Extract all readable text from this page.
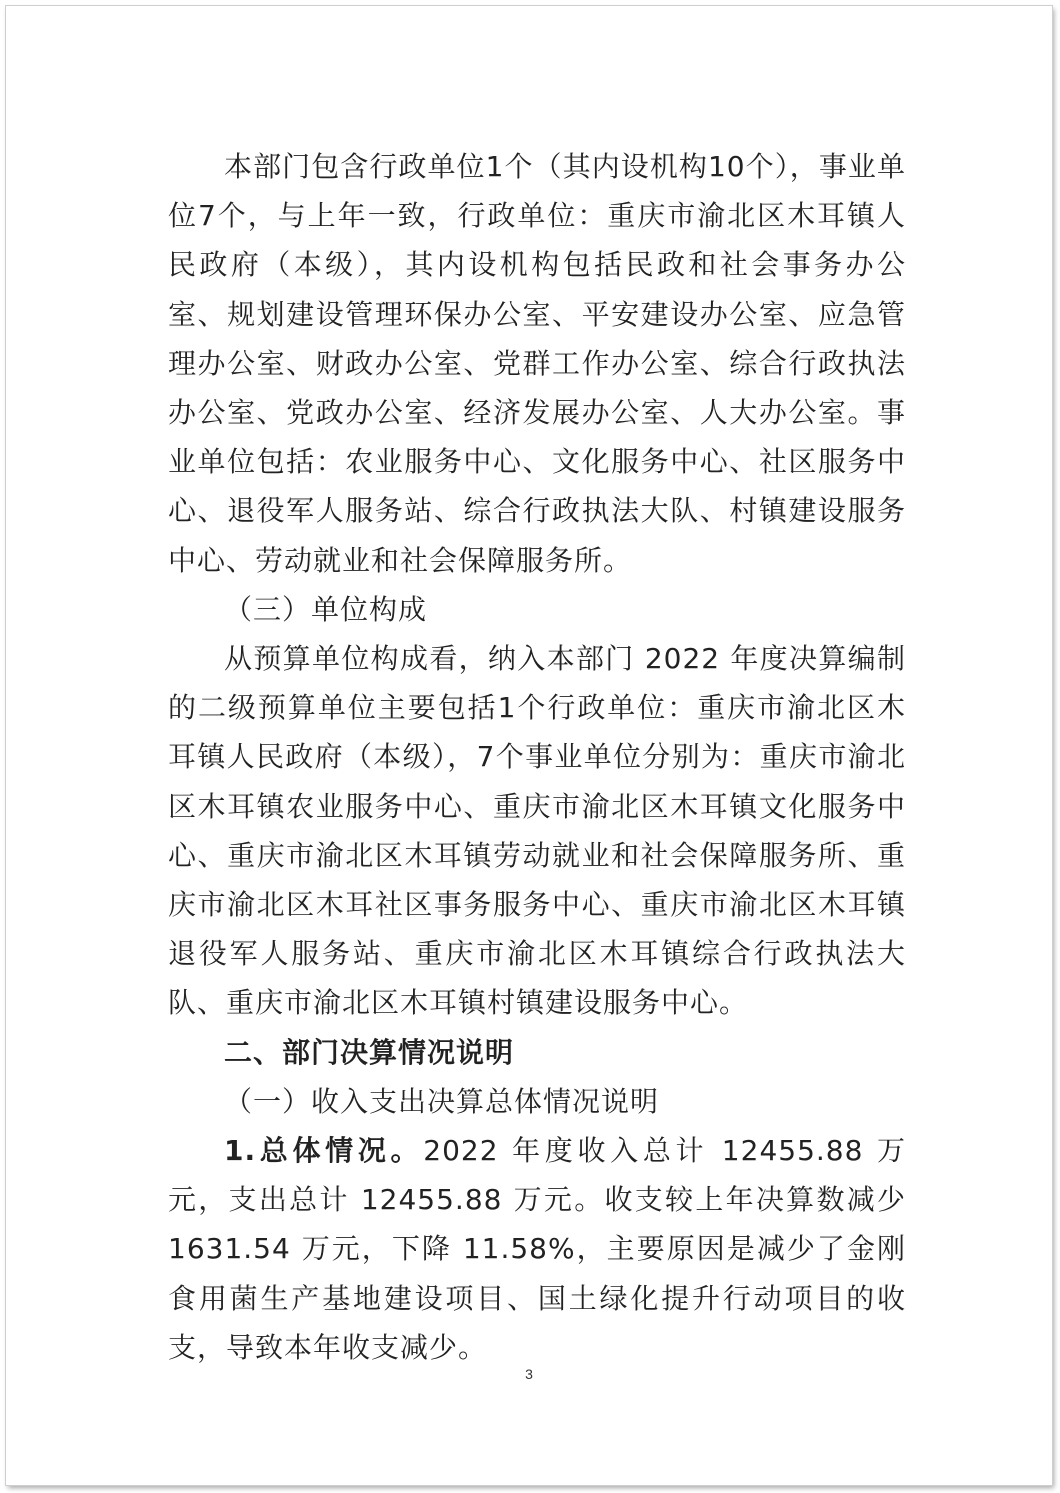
本部门包含行政单位1个（其内设机构10个），事业单位7个，与上年一致，行政单位：重庆市渝北区木耳镇人民政府（本级），其内设机构包括民政和社会事务办公室、规划建设管理环保办公室、平安建设办公室、应急管理办公室、财政办公室、党群工作办公室、综合行政执法办公室、党政办公室、经济发展办公室、人大办公室。事业单位包括：农业服务中心、文化服务中心、社区服务中心、退役军人服务站、综合行政执法大队、村镇建设服务中心、劳动就业和社会保障服务所。

（三）单位构成

从预算单位构成看，纳入本部门 2022 年度决算编制的二级预算单位主要包括1个行政单位：重庆市渝北区木耳镇人民政府（本级），7个事业单位分别为：重庆市渝北区木耳镇农业服务中心、重庆市渝北区木耳镇文化服务中心、重庆市渝北区木耳镇劳动就业和社会保障服务所、重庆市渝北区木耳社区事务服务中心、重庆市渝北区木耳镇退役军人服务站、重庆市渝北区木耳镇综合行政执法大队、重庆市渝北区木耳镇村镇建设服务中心。

二、部门决算情况说明

（一）收入支出决算总体情况说明

1.总体情况。2022 年度收入总计 12455.88 万元，支出总计 12455.88 万元。收支较上年决算数减少 1631.54 万元，下降 11.58%，主要原因是减少了金刚食用菌生产基地建设项目、国土绿化提升行动项目的收支，导致本年收支减少。

3
